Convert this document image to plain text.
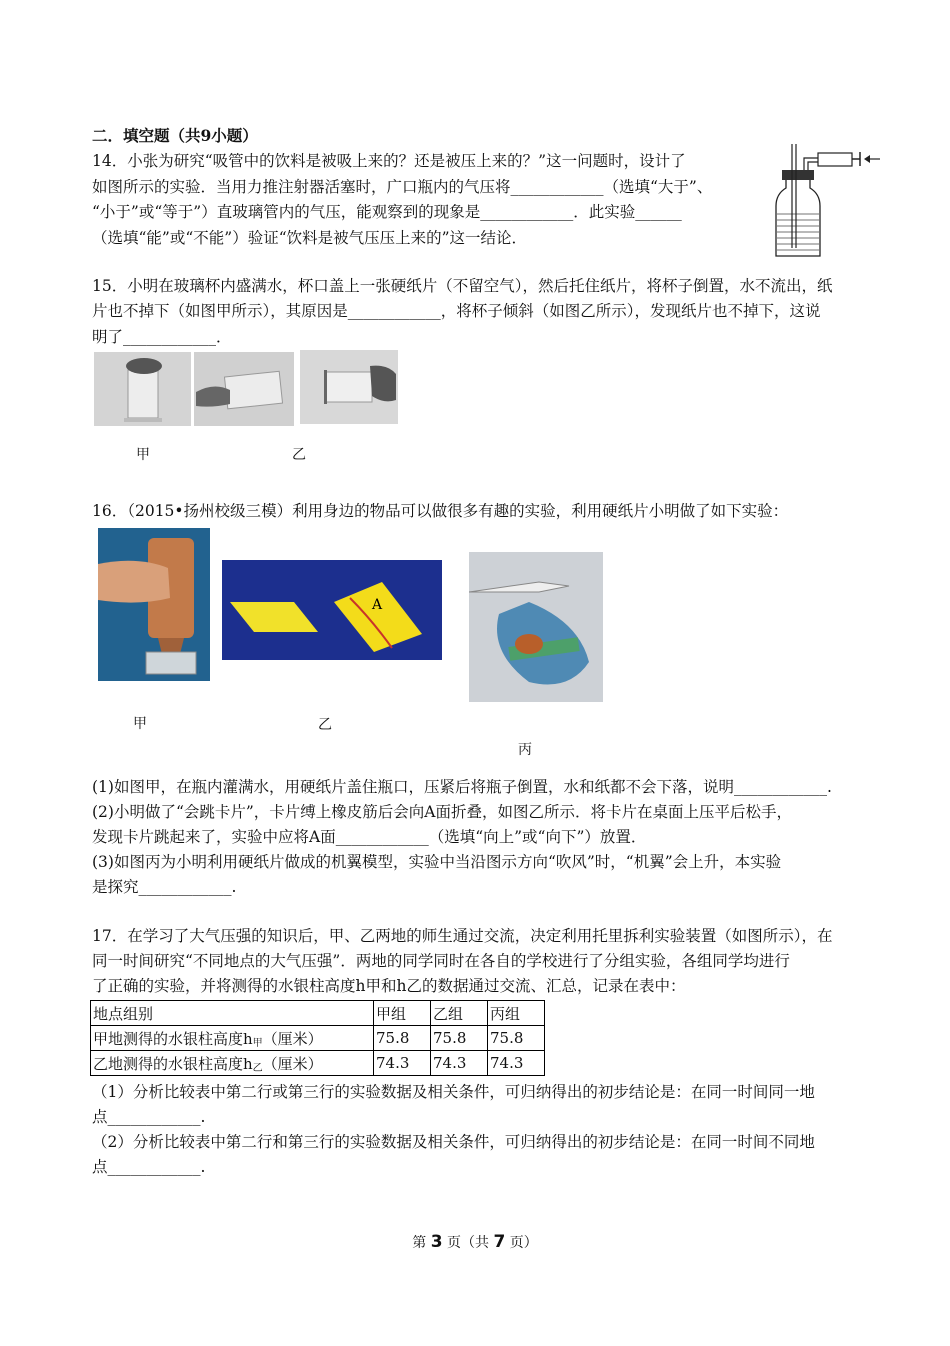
二．填空题（共9小题）
14．小张为研究“吸管中的饮料是被吸上来的？还是被压上来的？”这一问题时，设计了
如图所示的实验．当用力推注射器活塞时，广口瓶内的气压将____________（选填“大于”、
“小于”或“等于”）直玻璃管内的气压，能观察到的现象是____________．此实验______
（选填“能”或“不能”）验证“饮料是被气压压上来的”这一结论．
15．小明在玻璃杯内盛满水，杯口盖上一张硬纸片（不留空气），然后托住纸片，将杯子倒置，水不流出，纸
片也不掉下（如图甲所示），其原因是____________，将杯子倾斜（如图乙所示），发现纸片也不掉下，这说
明了____________．
甲	乙
16．（2015•扬州校级三模）利用身边的物品可以做很多有趣的实验，利用硬纸片小明做了如下实验：
A
甲	乙
丙
(1)如图甲，在瓶内灌满水，用硬纸片盖住瓶口，压紧后将瓶子倒置，水和纸都不会下落，说明____________.
(2)小明做了“会跳卡片”，卡片缚上橡皮筋后会向A面折叠，如图乙所示．将卡片在桌面上压平后松手，
发现卡片跳起来了，实验中应将A面____________（选填“向上”或“向下”）放置．
(3)如图丙为小明利用硬纸片做成的机翼模型，实验中当沿图示方向“吹风”时，“机翼”会上升，本实验
是探究____________.
17．在学习了大气压强的知识后，甲、乙两地的师生通过交流，决定利用托里拆利实验装置（如图所示），在
同一时间研究“不同地点的大气压强”．两地的同学同时在各自的学校进行了分组实验，各组同学均进行
了正确的实验，并将测得的水银柱高度h甲和h乙的数据通过交流、汇总，记录在表中：
地点组别	甲组	乙组	丙组
甲地测得的水银柱高度$h_甲$（厘米）	75.8	75.8	75.8
乙地测得的水银柱高度$h_乙$（厘米）	74.3	74.3	74.3
（1）分析比较表中第二行或第三行的实验数据及相关条件，可归纳得出的初步结论是：在同一时间同一地
点____________.
（2）分析比较表中第二行和第三行的实验数据及相关条件，可归纳得出的初步结论是：在同一时间不同地
点____________.
第 3 页（共 7 页）
